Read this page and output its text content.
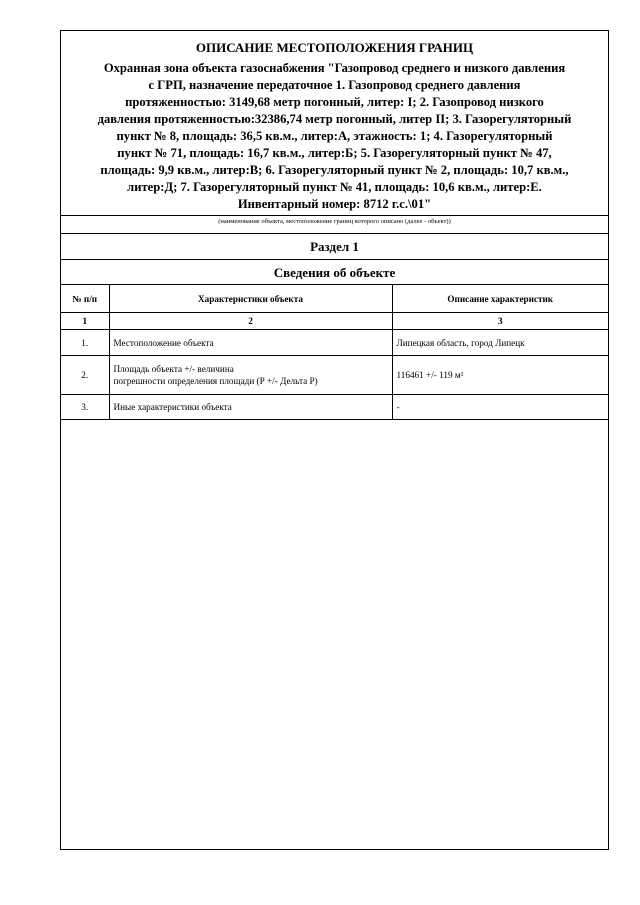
ОПИСАНИЕ МЕСТОПОЛОЖЕНИЯ ГРАНИЦ
Охранная зона объекта газоснабжения "Газопровод среднего и низкого давления
с ГРП, назначение передаточное 1. Газопровод среднего давления
протяженностью: 3149,68 метр погонный, литер: I; 2. Газопровод низкого
давления протяженностью:32386,74 метр погонный, литер II; 3. Газорегуляторный
пункт № 8, площадь: 36,5 кв.м., литер:А, этажность: 1; 4. Газорегуляторный
пункт № 71, площадь: 16,7 кв.м., литер:Б; 5. Газорегуляторный пункт № 47,
площадь: 9,9 кв.м., литер:В; 6. Газорегуляторный пункт № 2, площадь: 10,7 кв.м.,
литер:Д; 7. Газорегуляторный пункт № 41, площадь: 10,6 кв.м., литер:Е.
Инвентарный номер: 8712 г.с.\01"
(наименование объекта, местоположение границ которого описано (далее - объект))
Раздел 1
Сведения об объекте
№ п/п	Характеристики объекта	Описание характеристик
1	2	3
1.	Местоположение объекта	Липецкая область, город Липецк
2.	Площадь объекта +/- величина
погрешности определения площади (Р +/- Дельта Р)	116461 +/- 119 м²
3.	Иные характеристики объекта	-
